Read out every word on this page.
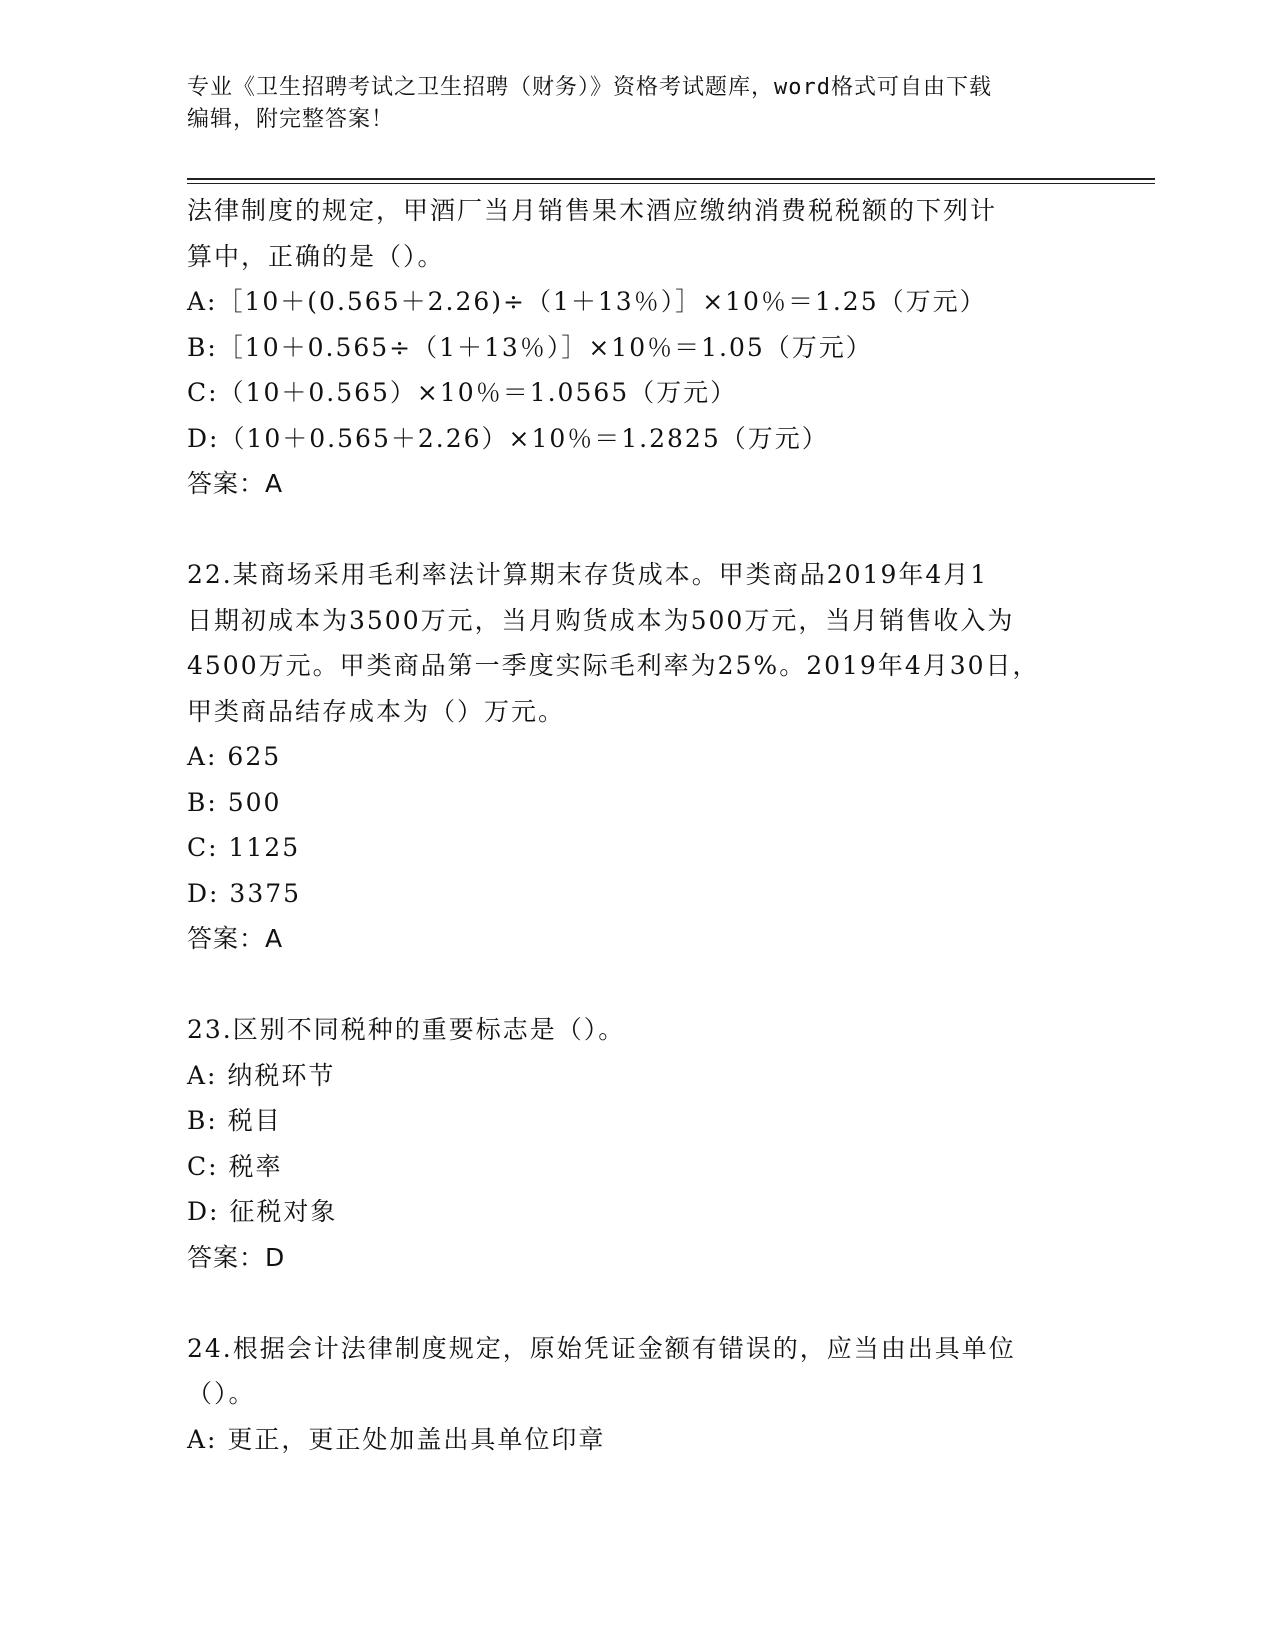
专业《卫生招聘考试之卫生招聘（财务）》资格考试题库，word格式可自由下载
编辑，附完整答案！
法律制度的规定，甲酒厂当月销售果木酒应缴纳消费税税额的下列计
算中，正确的是（）。
A:［10＋(0.565＋2.26)÷（1＋13％）］×10％＝1.25（万元）
B:［10＋0.565÷（1＋13％）］×10％＝1.05（万元）
C:（10＋0.565）×10％＝1.0565（万元）
D:（10＋0.565＋2.26）×10％＝1.2825（万元）
答案：A
22.某商场采用毛利率法计算期末存货成本。甲类商品2019年4月1
日期初成本为3500万元，当月购货成本为500万元，当月销售收入为
4500万元。甲类商品第一季度实际毛利率为25%。2019年4月30日，
甲类商品结存成本为（）万元。
A: 625
B: 500
C: 1125
D: 3375
答案：A
23.区别不同税种的重要标志是（）。
A: 纳税环节
B: 税目
C: 税率
D: 征税对象
答案：D
24.根据会计法律制度规定，原始凭证金额有错误的，应当由出具单位
（）。
A: 更正，更正处加盖出具单位印章
